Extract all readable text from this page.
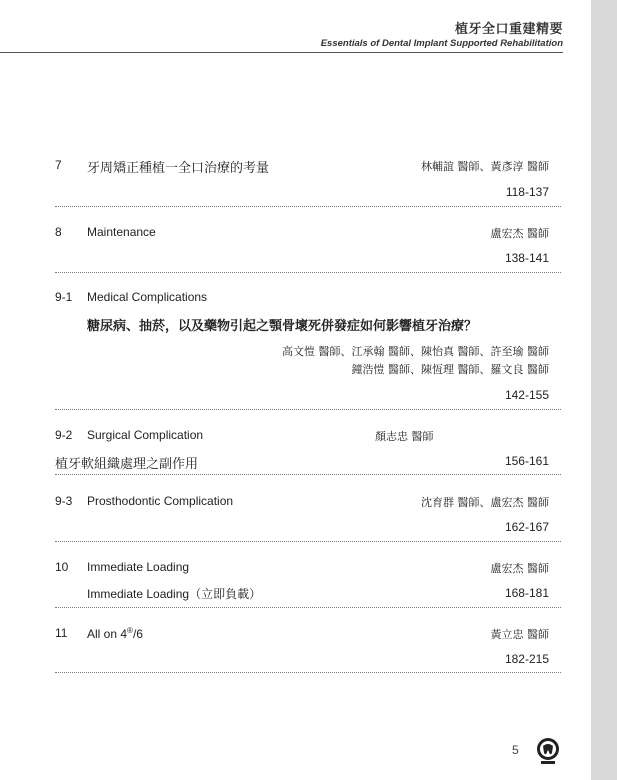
植牙全口重建精要
Essentials of Dental Implant Supported Rehabilitation
7 牙周矯正種植一全口治療的考量	林輔誼 醫師、黃彥淳 醫師
118-137
8 Maintenance	盧宏杰 醫師
138-141
9-1 Medical Complications
糖尿病、抽菸，以及藥物引起之顎骨壞死併發症如何影響植牙治療？
高文愷 醫師、江承翰 醫師、陳怡真 醫師、許至瑜 醫師
鐘浩愷 醫師、陳恆理 醫師、羅文良 醫師
142-155
9-2 Surgical Complication	顏志忠 醫師
植牙軟組織處理之副作用	156-161
9-3 Prosthodontic Complication	沈育群 醫師、盧宏杰 醫師
162-167
10 Immediate Loading	盧宏杰 醫師
Immediate Loading（立即負載）	168-181
11 All on 4®/6	黃立忠 醫師
182-215
5
